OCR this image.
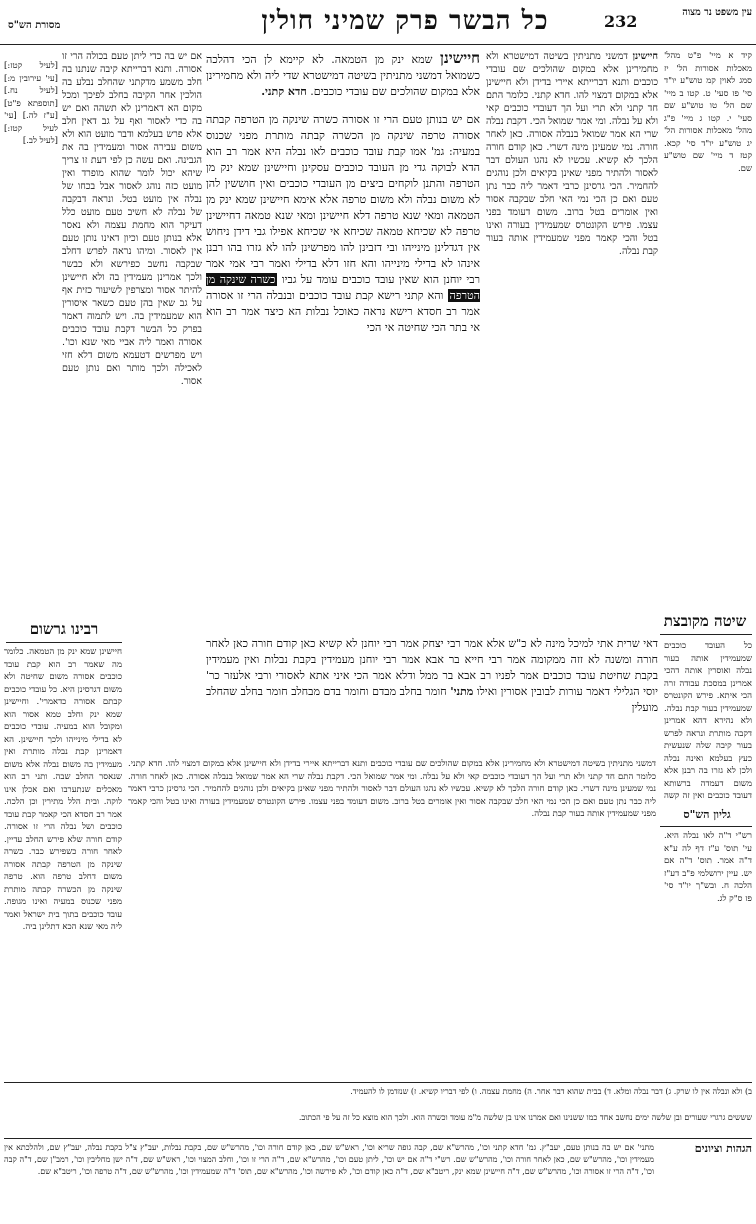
מסורת הש"ס	כל הבשר פרק שמיני חולין	232	עין משפט נר מצוה
קיד א מיי' פ"ט מהל' מאכלות אסורות הל' יז סמג לאוין קמ טוש"ע יו"ד סי' פז סעי' ט. קטו ב מיי' שם הל' טו טוש"ע שם סעי' י. קטו ג מיי' פ"ג מהל' מאכלות אסורות הל' יג טוש"ע יו"ד סי' קכא. קטז ד מיי' שם טוש"ע שם.
שיטה מקובצת
כל העובד כוכבים שמעמידין אותה בעור נבלה ואוסרין אותה דהכי אמרינן במסכת עבודה זרה הכי איתא. פירש הקונטרס שמעמידין בעור קבת נבלה. ולא נהירא דהא אמרינן דקבה מותרת ונראה לפרש בעור קיבה שלה שנעשית כעץ בעלמא ואינה נבלה ולכן לא גזרו בה רבנן אלא משום דעמדה ברשותא דעובד כוכבים ואין זה קשה
גליון הש"ס
רש"י ד"ה לאו נבלה היא. עי' תוס' ע"ז דף לה ע"א ד"ה אמר. תוס' ד"ה אם יש. עיין ירושלמי פ"ב דע"ז הלכה ח. ובש"ך יו"ד סי' פז ס"ק לג.
חיישינן דמשני מתניתין בשיטה דמישטרא ולא מחמירינן אלא במקום שהולכים שם עובדי כוכבים ותנא דברייתא איירי בדידן ולא חיישינן אלא במקום דמצוי להו. חדא קתני. כלומר התם חד קתני ולא תרי ועל הך דעובדי כוכבים קאי ולא על נבלה. ומי אמר שמואל הכי. דקבת נבלה שרי הא אמר שמואל בנבלה אסורה. כאן לאחר חורה. נמי שמעינן מינה דשרי. כאן קודם חורה הלכך לא קשיא. עכשיו לא נהגו העולם דבר לאסור ולהתיר מפני שאינן בקיאים ולכן נוהגים להחמיר. הכי גרסינן כרבי דאמר ליה כבר נתן טעם ואם כן הכי נמי האי חלב שבקבה אסור ואין אומרים בטל ברוב. משום דעומד בפני עצמו. פירש הקונטרס שמעמידין בעורה ואינו בטל והכי קאמר מפני שמעמידין אותה בעור קבת נבלה.
חיישינן שמא ינק מן הטמאה. לא קיימא לן הכי דהלכה כשמואל דמשני מתניתין בשיטה דמישטרא שדי ליה ולא מחמירינן אלא במקום שהולכים שם עובדי כוכבים. חדא קתני.
אם יש בנותן טעם הרי זו אסורה כשרה שינקה מן הטרפה קבתה אסורה טרפה שינקה מן הכשרה קבתה מותרת מפני שכנוס במעיה: גמ' אמו קבת עובד כוכבים לאו נבלה היא אמר רב הוא הדא לבוקה גדי מן העובד כוכבים עסקינן וחיישינן שמא ינק מן הטרפה והתנן לוקחים ביצים מן העובדי כוכבים ואין חוששין להן לא משום נבלה ולא משום טרפה אלא אימא חיישינן שמא ינק מן הטמאה ומאי שנא טרפה דלא חיישינן ומאי שנא טמאה דחיישינן טרפה לא שכיחא טמאה שכיחא אי שכיחא אפילו גבי דידן ניחוש אין דגדלינן מינייהו ובי דזבינן להו מפרשינן להו לא גזרו בהו רבנן אינהו לא בדילי מינייהו והא חזו דלא בדילי ואמר רבי אמי אמר רבי יוחנן הוא שאין עובד כוכבים עומד על גביו כשרה שינקה מן הטרפה והא קתני רישא קבת עובד כוכבים ובנבלה הרי זו אסורה אמר רב חסדא רישא נראה כאוכל נבלות הא כיצד אמר רב הוא אי בתר הכי שחיטה אי הכי
דאי שרית אתי למיכל מינה לא כ"ש אלא אמר רבי יצחק אמר רבי יוחנן לא קשיא כאן קודם חורה כאן לאחר חורה ומשנה לא זזה ממקומה אמר רבי חייא בר אבא אמר רבי יוחנן מעמידין בקבת נבלות ואין מעמידין בקבת שחיטת עובד כוכבים אמר לפניו רב אבא בר ממל ודלא אמר הכי איני אתא לאסורי ורבי אלעזר כר' יוסי הגלילי דאמר עורות לבובין אסורין ואילו מתני' חומר בחלב מבדם וחומר בדם מבחלב חומר בחלב שהחלב מועלין
אם יש בה כדי ליתן טעם בכולה הרי זו אסורה. ותנא דברייתא קיבה שנתנו בה חלב משמע מדקתני שהחלב נבלע בה הולכין אחר הקיבה בחלב לפיכך ומכל מקום הא דאמרינן לא תשהה ואם יש בה כדי לאסור ואף על גב דאין חלב אלא פרש בעלמא ודבר מועט הוא ולא משום עבירה אסור ומעמידין בה את הגבינה. ואם עשה כן לפי דעת זו צריך שיהא יכול לומר שהוא מופרד ואין מועט כזה נוהג לאסור אבל בכחו של נבלה אין מועט בטל. ונראה דבקבה של נבלה לא חשיב טעם מועט כלל דעיקר הוא מחמת עצמה ולא נאסר אלא בנותן טעם וכיון דאינו נותן טעם אין לאסור. ומיהו נראה לפרש דחלב שבקבה נחשב כפירשא ולא כבשר ולכך אמרינן מעמידין בה ולא חיישינן להיתר אסור ומצרפין לשיעור כזית אף על גב שאין בהן טעם כשאר איסורין הוא שמעמידין בה. ויש לתמוה דאמר בפרק כל הבשר דקבת עובד כוכבים אסורה ואמר ליה אביי מאי שנא וכו'. ויש מפרשים דטעמא משום דלא חזי לאכילה ולכך מותר ואם נותן טעם אסור.
[לעיל קטז:] [עי' עירובין מ:] [לעיל נח.] [תוספתא פ"ט] [ע"ז לה.] [עי' לעיל קטז:] [לעיל לב.]
רבינו גרשום
חיישינן שמא ינק מן הטמאה. כלומר מה שאמר רב הוא קבת עובד כוכבים אסורה משום שחיטה ולא משום דגרסינן היא. כל עובדי כוכבים קבתם אסורה כדאמרי'. וחיישינן שמא ינק וחלב טמא אסור הוא ומקובל הוא במעיה. עובדי כוכבים לא בדילי מינייהו ולכך חיישינן. הא דאמרינן קבת נבלה מותרת ואין מעמידין בה משום נבלה אלא משום שנאסר החלב שבה. ותני רב הוא מאכלים שנתערבו ואם אכלן אינו לוקה. ובית הלל מתירין וכן הלכה. אמר רב חסדא הכי קאמר קבת עובד כוכבים ושל נבלה הרי זו אסורה. קודם חורה שלא פירש החלב עדיין. לאחר חורה כשפירש כבר. כשרה שינקה מן הטרפה קבתה אסורה משום דחלב טרפה הוא. טרפה שינקה מן הכשרה קבתה מותרת מפני שכנוס במעיה ואינו מגופה. עובד כוכבים בתוך בית ישראל ואמר ליה מאי שנא הכא דתלינן ביה.
דמשני מתניתין בשיטה דמישטרא ולא מחמירינן אלא במקום שהולכים שם עובדי כוכבים ותנא דברייתא איירי בדידן ולא חיישינן אלא במקום דמצוי להו. חדא קתני. כלומר התם חד קתני ולא תרי ועל הך דעובדי כוכבים קאי ולא על נבלה. ומי אמר שמואל הכי. דקבת נבלה שרי הא אמר שמואל בנבלה אסורה. כאן לאחר חורה. נמי שמעינן מינה דשרי. כאן קודם חורה הלכך לא קשיא. עכשיו לא נהגו העולם דבר לאסור ולהתיר מפני שאינן בקיאים ולכן נוהגים להחמיר. הכי גרסינן כרבי דאמר ליה כבר נתן טעם ואם כן הכי נמי האי חלב שבקבה אסור ואין אומרים בטל ברוב. משום דעומד בפני עצמו. פירש הקונטרס שמעמידין בעורה ואינו בטל והכי קאמר מפני שמעמידין אותה בעור קבת נבלה.
ב) ולא ונבלה אין לו שרק. ג) דבר נבלה ומלא. ד) בבית שהוא דבר אחר. ה) מחמת עצמה. ו) לפי דבריו קשיא. ז) שנזדמן לו להעמיד.
שששים גרגרי שעורים ובן שלשה ימים נחשב אחד כמו ששנינו ואם אמרנו אינו בן שלשה מ"מ עומד וכשרה הוא. ולכך הוא מוצא כל זה על פי הכתוב.
הגהות וציונים
מתני' אם יש בה בנותן טעם, יעב"ץ. גמ' חדא קתני וכו', מהרש"א שם, קבה גופה שריא וכו', ראש"ש שם, כאן קודם חורה וכו', מהרש"ש שם, בקבת נבלות, יעב"ץ צ"ל בקבת נבלה, יעב"ץ שם, ולהלכתא אין מעמידין וכו', מהרש"ש שם, כאן לאחר חורה וכו', מהרש"ש שם. רש"י ד"ה אם יש וכו', ליתן טעם וכו', מהרש"א שם, ד"ה הרי זו וכו', וחלב המצוי וכו', ראש"ש שם, ד"ה ישן מחליבין וכו', רמב"ן שם, ד"ה קבה וכו', ד"ה הרי זו אסורה וכו', מהרש"ש שם, ד"ה חיישינן שמא ינק, ריטב"א שם, ד"ה כאן קודם וכו', לא פירשה וכו', מהרש"א שם, תוס' ד"ה שמעמידין וכו', מהרש"ש שם, ד"ה טרפה וכו', ריטב"א שם.
